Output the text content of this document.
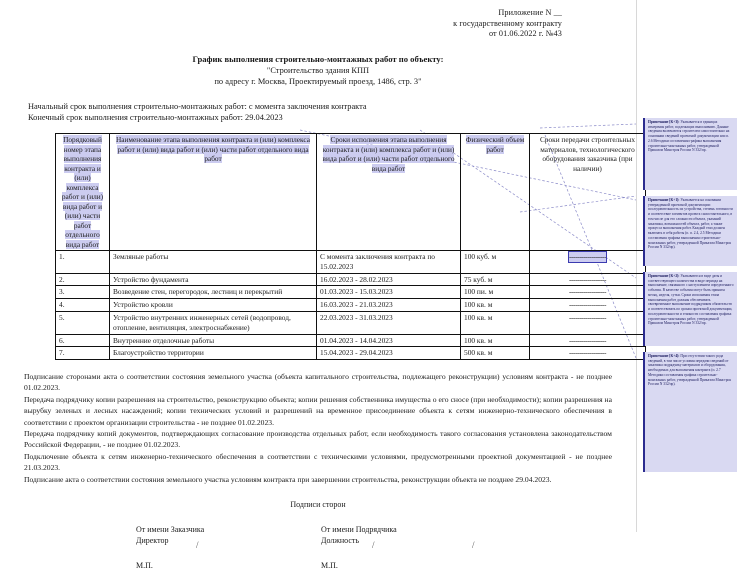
Приложение N __
к государственному контракту
от 01.06.2022 г. №43
График выполнения строительно-монтажных работ по объекту:
"Строительство здания КПП
по адресу г. Москва, Проектируемый проезд, 1486, стр. 3"
Начальный срок выполнения строительно-монтажных работ: с момента заключения контракта
Конечный срок выполнения строительно-монтажных работ: 29.04.2023
Порядковый номер этапа выполнения контракта и (или) комплекса работ и (или) вида работ и (или) части работ отдельного вида работ	Наименование этапа выполнения контракта и (или) комплекса работ и (или) вида работ и (или) части работ отдельного вида работ	Сроки исполнения этапа выполнения контракта и (или) комплекса работ и (или) вида работ и (или) части работ отдельного вида работ	Физический объем работ	Сроки передачи строительных материалов, технологического оборудования заказчика (при наличии)
1.	Земляные работы	С момента заключения контракта по 15.02.2023	100 куб. м	------------------
2.	Устройство фундамента	16.02.2023 - 28.02.2023	75 куб. м	------------------
3.	Возведение стен, перегородок, лестниц и перекрытий	01.03.2023 - 15.03.2023	100 пи. м	------------------
4.	Устройство кровли	16.03.2023 - 21.03.2023	100 кв. м	------------------
5.	Устройство внутренних инженерных сетей (водопровод, отопление, вентиляция, электроснабжение)	22.03.2023 - 31.03.2023	100 кв. м	------------------
6.	Внутренние отделочные работы	01.04.2023 - 14.04.2023	100 кв. м	------------------
7.	Благоустройство территории	15.04.2023 - 29.04.2023	500 кв. м	------------------

Подписание сторонами акта о соответствии состояния земельного участка (объекта капитального строительства, подлежащего реконструкции) условиям контракта - не позднее 01.02.2023.

Передача подрядчику копии разрешения на строительство, реконструкцию объекта; копии решения собственника имущества о его сносе (при необходимости); копии разрешения на вырубку зеленых и лесных насаждений; копии технических условий и разрешений на временное присоединение объекта к сетям инженерно-технического обеспечения в соответствии с проектом организации строительства - не позднее 01.02.2023.

Передача подрядчику копий документов, подтверждающих согласование производства отдельных работ, если необходимость такого согласования установлена законодательством Российской Федерации, - не позднее 01.02.2023.

Подключение объекта к сетям инженерно-технического обеспечения в соответствии с техническими условиями, предусмотренными проектной документацией - не позднее 21.03.2023.

Подписание акта о соответствии состояния земельного участка условиям контракта при завершении строительства, реконструкции объекта не позднее 29.04.2023.

Подписи сторон
От имени Заказчика
Директор
М.П.
От имени Подрядчика
Должность
М.П.
/	/	/
Примечание [K+3]: Указывается в единицах измерения работ, подлежащих выполнению. Данные сведения включаются строителем самостоятельно на основании сведений проектной документации или п. 2.6 Методики составления графика выполнения строительно-монтажных работ, утвержденной Приказом Минстроя России N 332/пр.
Примечание [K+1]: Указывается на основании утвержденной проектной документации: последовательность их устройства, степень готовности и соответствие элементов проекта самостоятельного, в том числе для его сложности объекта, указаний заказчика, возможностей объекта, работ, а также процесса выполнения работ. Каждый этап должен включать в себя работы (п. п. 2.4, 2.5 Методики составления графика выполнения строительно-монтажных работ, утвержденной Приказом Минстроя России N 332/пр).
Примечание [K+2]: Указываются в виде даты и соответствующего количества в виде периода на выполнение, связанного с наступлением определенного события. В качестве события могут быть приняты месяц, неделя, сутки. Сроки исполнения этапа выполнения работ должны обеспечивать своевременное выполнение подрядчиком обязательств и соответствовать по срокам проектной документации, последовательности и этапности составления графика строительно-монтажных работ, утвержденной Приказом Минстроя России N 332/пр.
Примечание [K+4]: При отсутствии такого рода сведений, в том числе условия передачи сведений от заказчика подрядчику материалов и оборудования, необходимых для выполнения контракта (п. 2.7 Методики составления графика строительно-монтажных работ, утвержденной Приказом Минстроя России N 332/пр).
